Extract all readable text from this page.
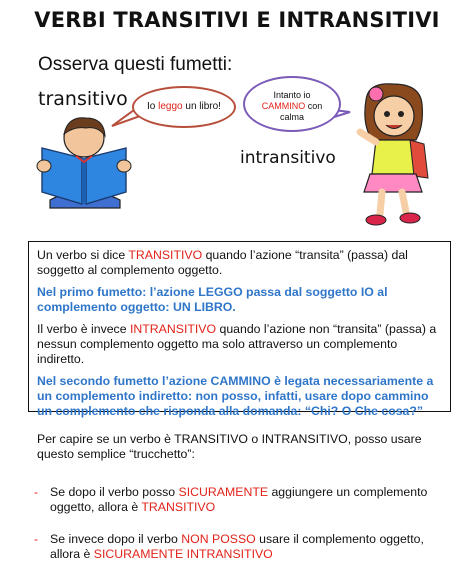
VERBI TRANSITIVI E INTRANSITIVI
Osserva questi fumetti:
transitivo	Io leggo un libro!
Intanto io CAMMINO con calma
intransitivo
Un verbo si dice TRANSITIVO quando l’azione “transita” (passa) dal soggetto al complemento oggetto.
Nel primo fumetto: l’azione LEGGO passa dal soggetto IO al complemento oggetto: UN LIBRO.
Il verbo è invece INTRANSITIVO quando l’azione non “transita” (passa) a nessun complemento oggetto ma solo attraverso un complemento indiretto.
Nel secondo fumetto l’azione CAMMINO è legata necessariamente a un complemento indiretto: non posso, infatti, usare dopo cammino un complemento che risponda alla domanda: “Chi? O Che cosa?”
Per capire se un verbo è TRANSITIVO o INTRANSITIVO, posso usare questo semplice “trucchetto”:
- Se dopo il verbo posso SICURAMENTE aggiungere un complemento oggetto, allora è TRANSITIVO
- Se invece dopo il verbo NON POSSO usare il complemento oggetto, allora è SICURAMENTE INTRANSITIVO
